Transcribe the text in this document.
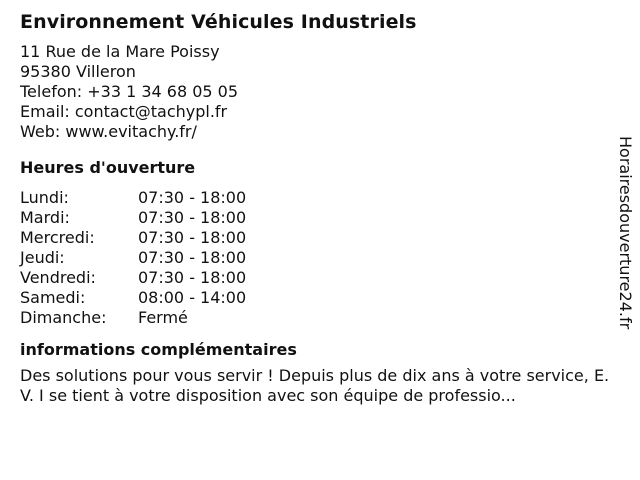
Environnement Véhicules Industriels
11 Rue de la Mare Poissy
95380 Villeron
Telefon: +33 1 34 68 05 05
Email: contact@tachypl.fr
Web: www.evitachy.fr/
Heures d'ouverture
Lundi:	07:30 - 18:00
Mardi:	07:30 - 18:00
Mercredi:	07:30 - 18:00
Jeudi:	07:30 - 18:00
Vendredi:	07:30 - 18:00
Samedi:	08:00 - 14:00
Dimanche:	Fermé
informations complémentaires
Des solutions pour vous servir ! Depuis plus de dix ans à votre service, E. V. I se tient à votre disposition avec son équipe de professio...
Horairesdouverture24.fr
